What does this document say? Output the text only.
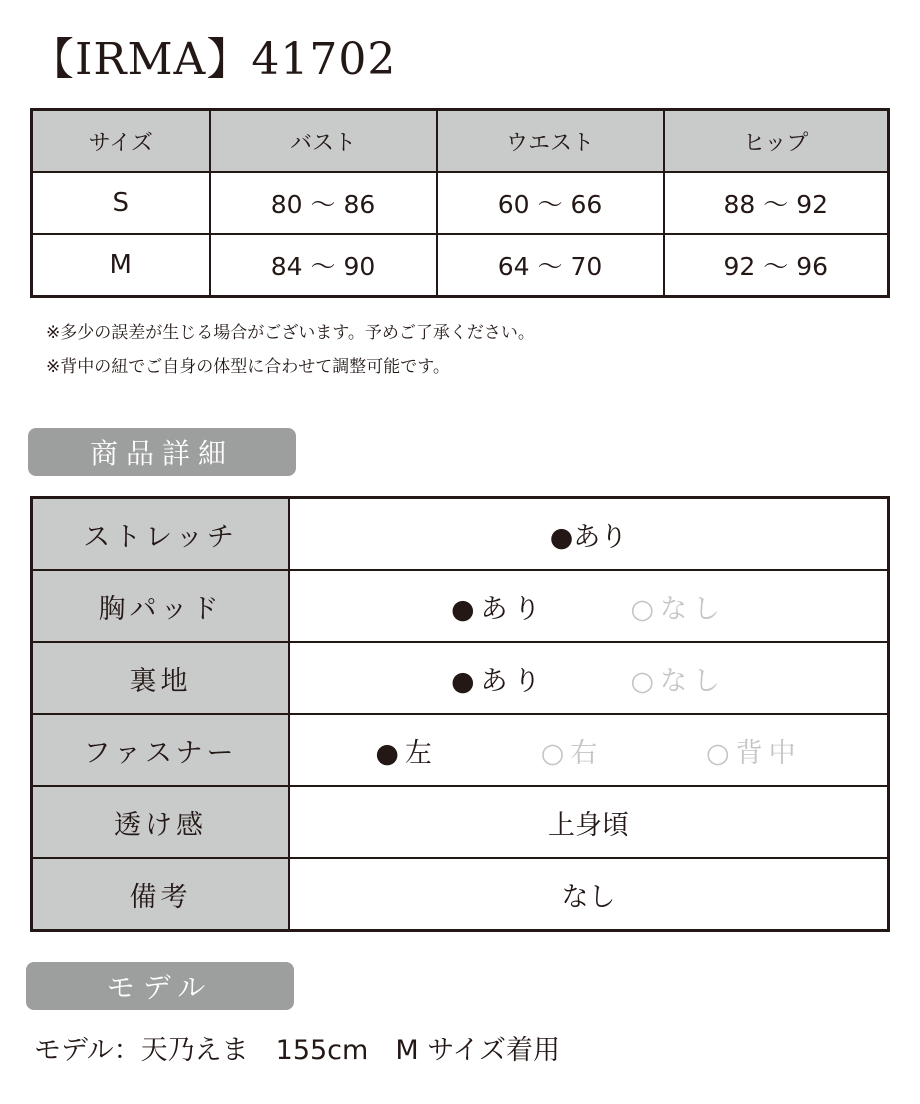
【IRMA】41702
サイズ	バスト	ウエスト	ヒップ
S	80 ～ 86	60 ～ 66	88 ～ 92
M	84 ～ 90	64 ～ 70	92 ～ 96
※多少の誤差が生じる場合がございます。予めご了承ください。
※背中の紐でご自身の体型に合わせて調整可能です。
商品詳細
ストレッチ	●あり
胸パッド	●あり ○なし

裏地	●あり ○なし

ファスナー	●左 ○右 ○背中

透け感	上身頃
備考	なし
モデル

モデル：天乃えま　155cm　M サイズ着用
